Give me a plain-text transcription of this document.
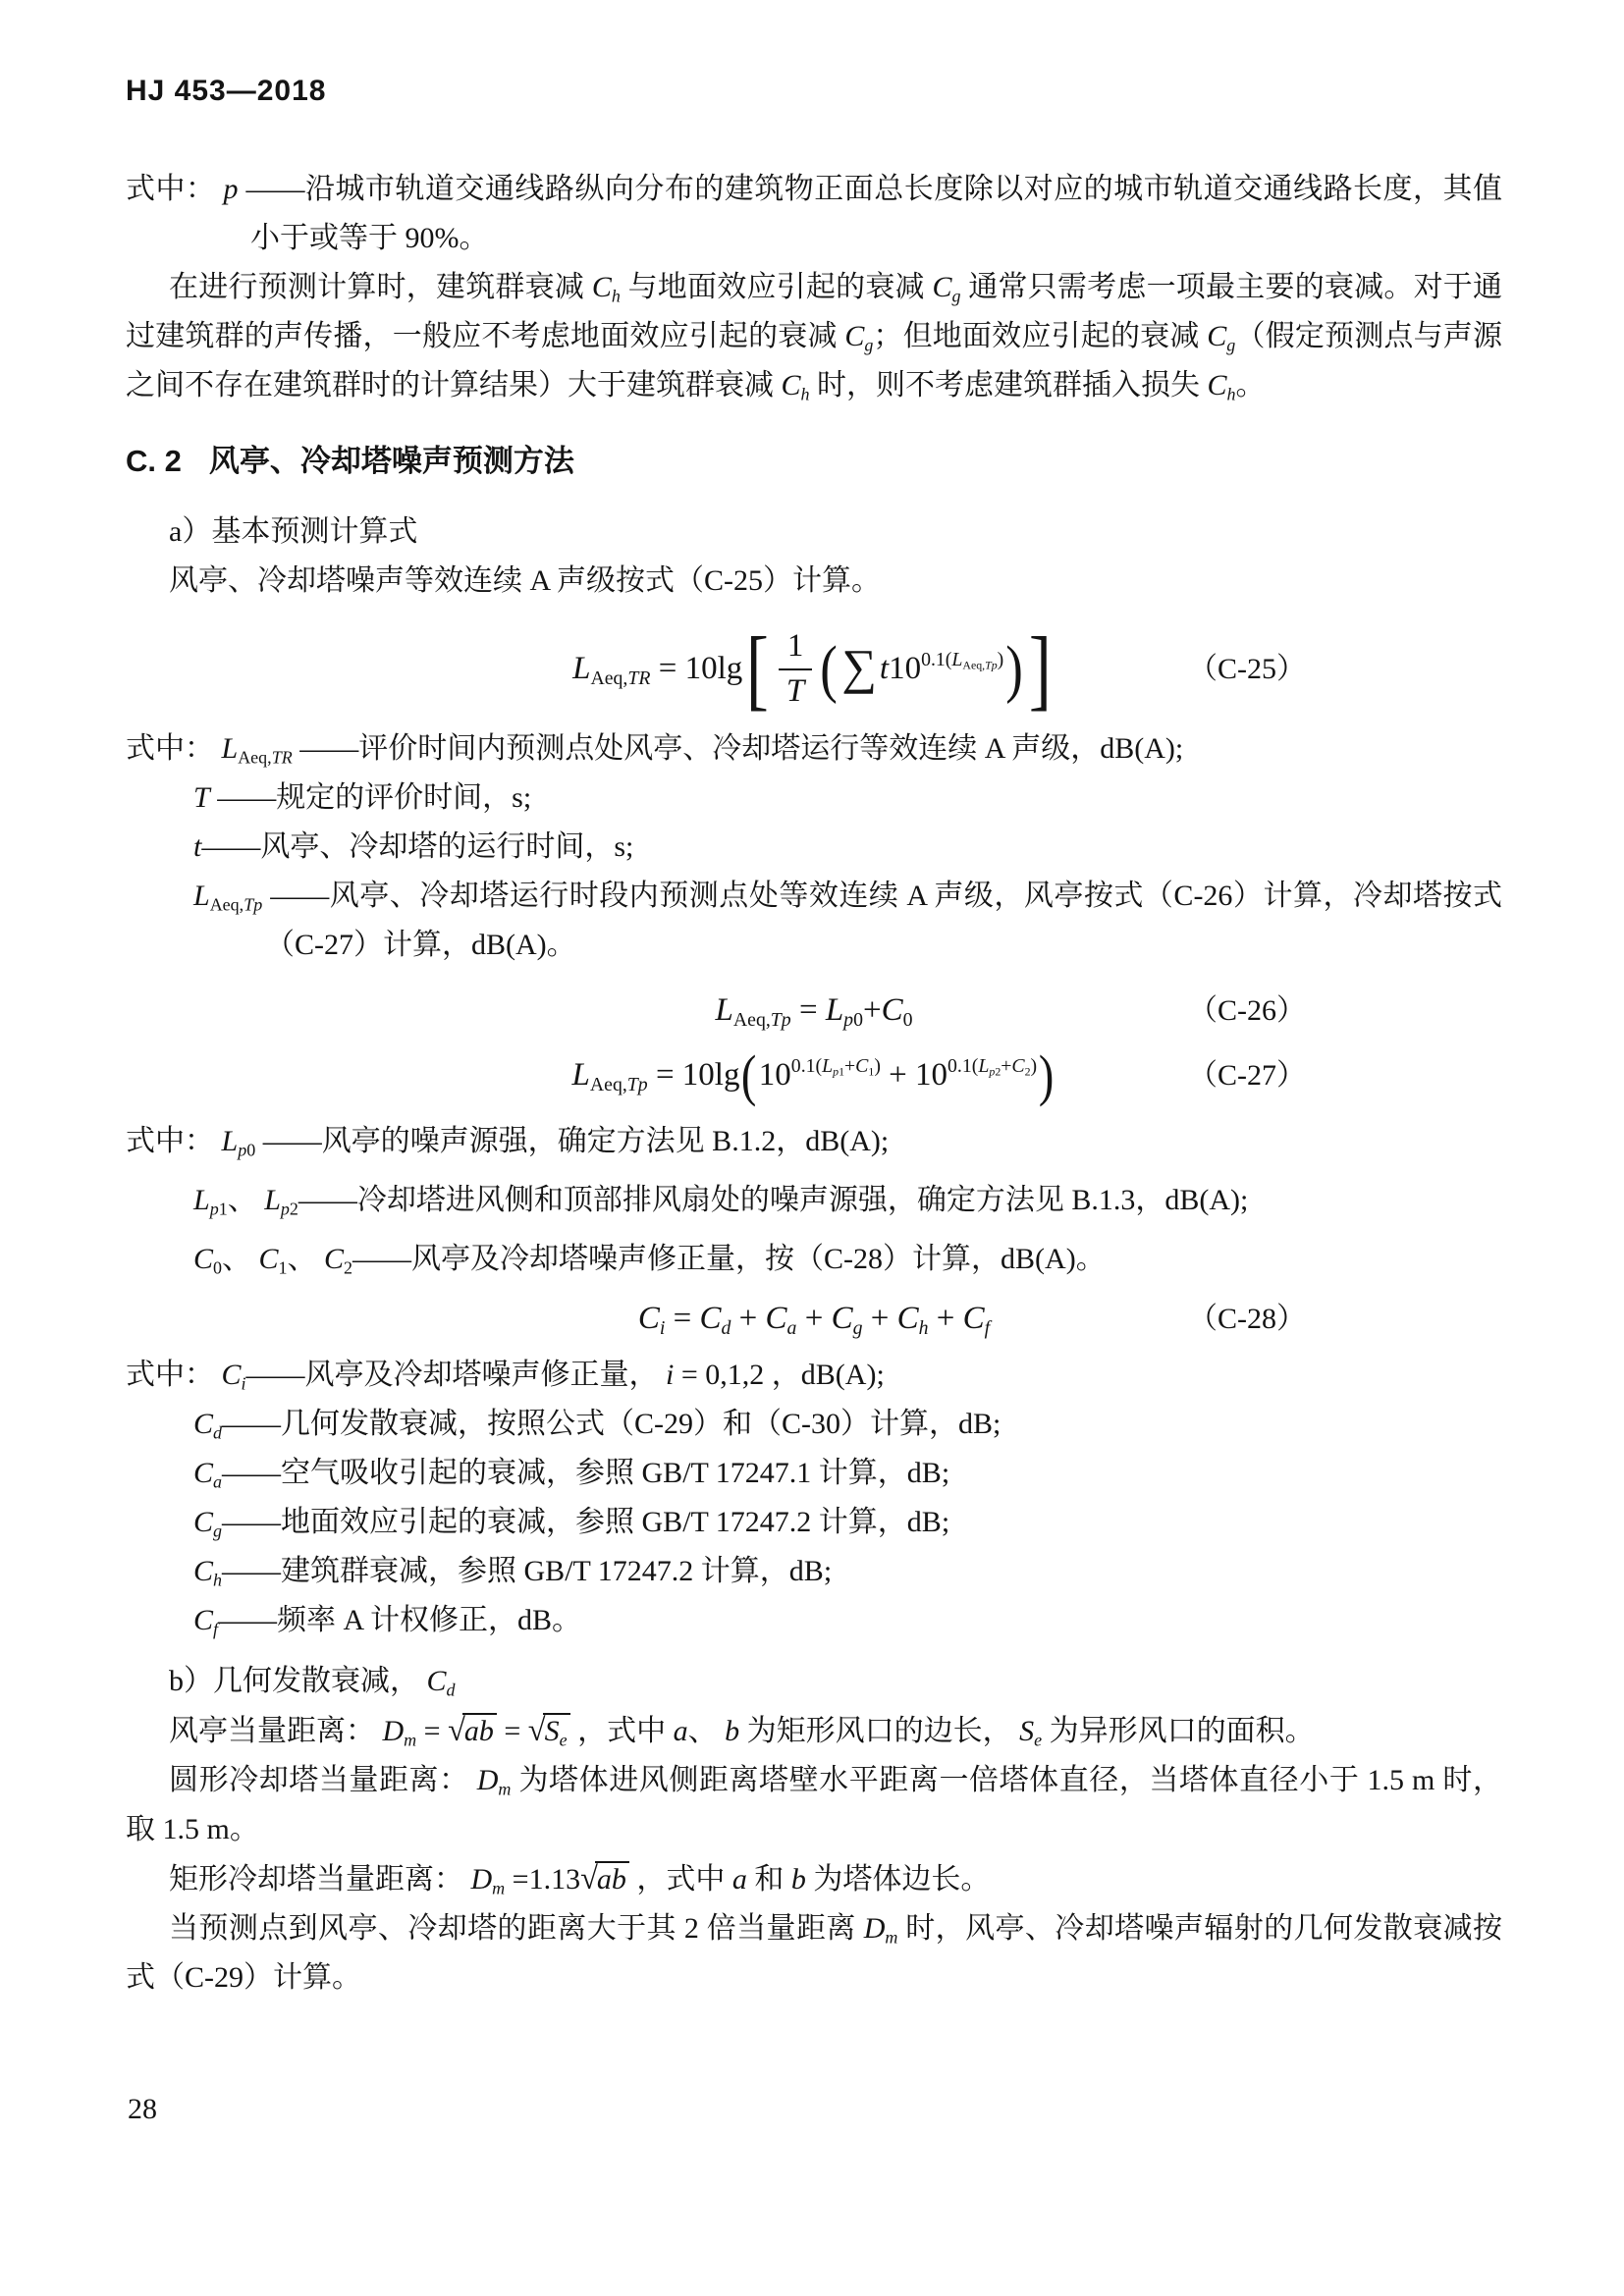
HJ 453—2018
式中： p ——沿城市轨道交通线路纵向分布的建筑物正面总长度除以对应的城市轨道交通线路长度，其值小于或等于 90%。
在进行预测计算时，建筑群衰减 $C_h$ 与地面效应引起的衰减 $C_g$ 通常只需考虑一项最主要的衰减。对于通过建筑群的声传播，一般应不考虑地面效应引起的衰减 $C_g$；但地面效应引起的衰减 $C_g$（假定预测点与声源之间不存在建筑群时的计算结果）大于建筑群衰减 $C_h$ 时，则不考虑建筑群插入损失 $C_h$。
C. 2 风亭、冷却塔噪声预测方法
a）基本预测计算式
风亭、冷却塔噪声等效连续 A 声级按式（C-25）计算。
$L_{Aeq,TR} = 10\lg$ [ $\frac{1}{T}$ ( ∑ $t10^{0.1(L_{Aeq,Tp})}$ ) ]	（C-25）
式中： $L_{Aeq,TR}$ ——评价时间内预测点处风亭、冷却塔运行等效连续 A 声级，dB(A);
T ——规定的评价时间，s;
t——风亭、冷却塔的运行时间，s;
$L_{Aeq,Tp}$ ——风亭、冷却塔运行时段内预测点处等效连续 A 声级，风亭按式（C-26）计算，冷却塔按式（C-27）计算，dB(A)。
$L_{Aeq,Tp} = L_{p0}+C_0$	（C-26）
$L_{Aeq,Tp} = 10\lg$ ( $10^{0.1(L_{p1}+C_1)} + 10^{0.1(L_{p2}+C_2)}$ )	（C-27）
式中： $L_{p0}$ ——风亭的噪声源强，确定方法见 B.1.2，dB(A);
$L_{p1}$、 $L_{p2}——$冷却塔进风侧和顶部排风扇处的噪声源强，确定方法见 B.1.3，dB(A);
$C_0$、 $C_1$、 $C_2——$风亭及冷却塔噪声修正量，按（C-28）计算，dB(A)。
$C_i = C_d + C_a + C_g + C_h + C_f$	（C-28）
式中： $C_i——$风亭及冷却塔噪声修正量， i = 0,1,2 ，dB(A);
$C_d——$几何发散衰减，按照公式（C-29）和（C-30）计算，dB;
$C_a——$空气吸收引起的衰减，参照 GB/T 17247.1 计算，dB;
$C_g——$地面效应引起的衰减，参照 GB/T 17247.2 计算，dB;
$C_h——$建筑群衰减，参照 GB/T 17247.2 计算，dB;
$C_f——$频率 A 计权修正，dB。
b）几何发散衰减， $C_d$
风亭当量距离： $D_m = √ab = √S_e$ ，式中 a、 b 为矩形风口的边长， $S_e$ 为异形风口的面积。
圆形冷却塔当量距离： $D_m$ 为塔体进风侧距离塔壁水平距离一倍塔体直径，当塔体直径小于 1.5 m 时，取 1.5 m。
矩形冷却塔当量距离： $D_m =1.13√ab$ ，式中 a 和 b 为塔体边长。
当预测点到风亭、冷却塔的距离大于其 2 倍当量距离 $D_m$ 时，风亭、冷却塔噪声辐射的几何发散衰减按式（C-29）计算。
28
